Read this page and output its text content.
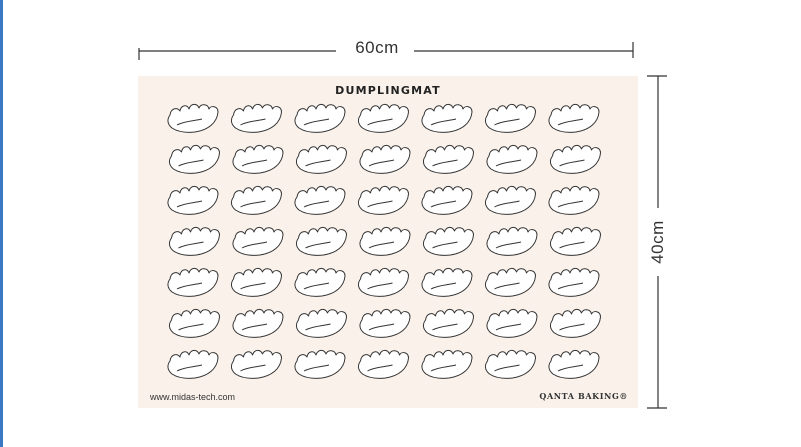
60cm
40cm
DUMPLINGMAT
www.midas-tech.com	QANTA BAKING®
